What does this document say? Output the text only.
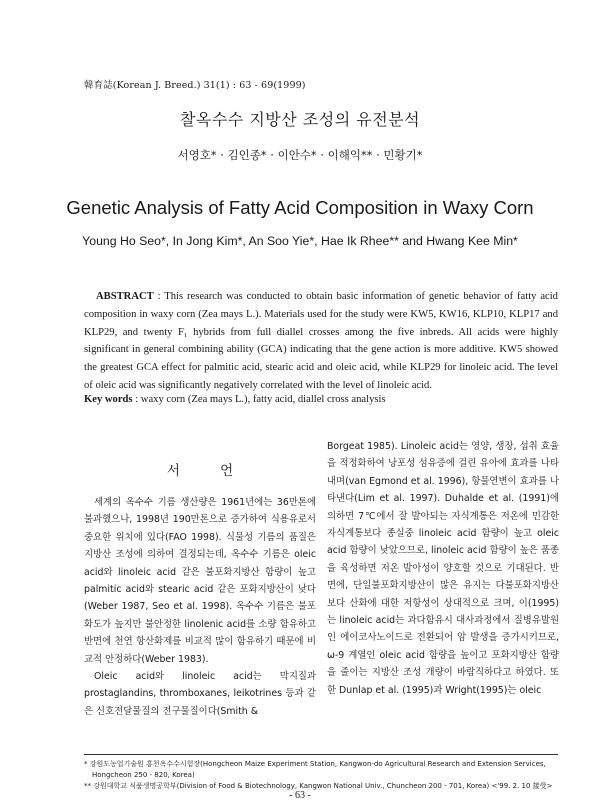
韓育誌(Korean J. Breed.) 31(1) : 63 - 69(1999)
찰옥수수 지방산 조성의 유전분석
서영호* · 김인종* · 이안수* · 이해익** · 민황기*
Genetic Analysis of Fatty Acid Composition in Waxy Corn
Young Ho Seo*, In Jong Kim*, An Soo Yie*, Hae Ik Rhee** and Hwang Kee Min*

ABSTRACT : This research was conducted to obtain basic information of genetic behavior of fatty acid composition in waxy corn (Zea mays L.). Materials used for the study were KW5, KW16, KLP10, KLP17 and KLP29, and twenty F₁ hybrids from full diallel crosses among the five inbreds. All acids were highly significant in general combining ability (GCA) indicating that the gene action is more additive. KW5 showed the greatest GCA effect for palmitic acid, stearic acid and oleic acid, while KLP29 for linoleic acid. The level of oleic acid was significantly negatively correlated with the level of linoleic acid.

Key words : waxy corn (Zea mays L.), fatty acid, diallel cross analysis
서 언

세계의 옥수수 기름 생산량은 1961년에는 36만톤에 불과했으나, 1998년 190만톤으로 증가하여 식용유로서 중요한 위치에 있다(FAO 1998). 식물성 기름의 품질은 지방산 조성에 의하여 결정되는데, 옥수수 기름은 oleic acid와 linoleic acid 같은 불포화지방산 함량이 높고 palmitic acid와 stearic acid 같은 포화지방산이 낮다(Weber 1987, Seo et al. 1998). 옥수수 기름은 불포화도가 높지만 불안정한 linolenic acid를 소량 함유하고 반면에 천연 항산화제를 비교적 많이 함유하기 때문에 비교적 안정하다(Weber 1983).

Oleic acid와 linoleic acid는 막지질과 prostaglandins, thromboxanes, leikotrines 등과 같은 신호전달물질의 전구물질이다(Smith &

Borgeat 1985). Linoleic acid는 영양, 생장, 섭취 효율을 적정화하여 낭포성 섬유증에 걸린 유아에 효과를 나타내며(van Egmond et al. 1996), 항물연변이 효과를 나타낸다(Lim et al. 1997). Duhalde et al. (1991)에 의하면 7℃에서 잘 발아되는 자식계통은 저온에 민감한 자식계통보다 종실중 linoleic acid 함량이 높고 oleic acid 함량이 낮았으므로, linoleic acid 함량이 높은 품종을 육성하면 저온 발아성이 양호할 것으로 기대된다. 반면에, 단일불포화지방산이 많은 유지는 다불포화지방산보다 산화에 대한 저항성이 상대적으로 크며, 이(1995)는 linoleic acid는 과다함유시 대사과정에서 질병유발원인 에이코사노이드로 전환되어 암 발생을 증가시키므로, ω-9 계열인 oleic acid 함량을 높이고 포화지방산 함량을 줄이는 지방산 조성 개량이 바람직하다고 하였다. 또한 Dunlap et al. (1995)과 Wright(1995)는 oleic

* 강원도농업기술원 홍천옥수수시험장(Hongcheon Maize Experiment Station, Kangwon-do Agricultural Research and Extension Services, Hongcheon 250 - 820, Korea)
** 강원대학교 식품생명공학부(Division of Food & Biotechnology, Kangwon National Univ., Chuncheon 200 - 701, Korea) <'99. 2. 10 接受>
- 63 -
